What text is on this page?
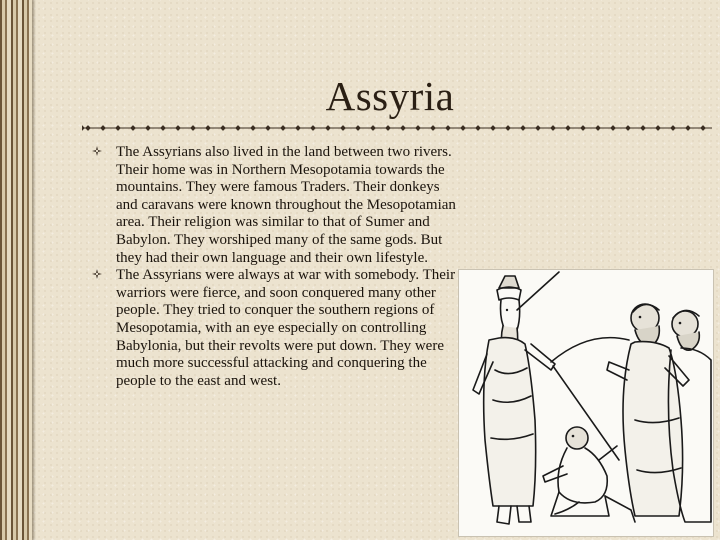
Assyria
The Assyrians also lived in the land between two rivers. Their home was in Northern Mesopotamia towards the mountains. They were famous Traders. Their donkeys and caravans were known throughout the Mesopotamian area. Their religion was similar to that of Sumer and Babylon. They worshiped many of the same gods. But they had their own language and their own lifestyle.
The Assyrians were always at war with somebody. Their warriors were fierce, and soon conquered many other people. They tried to conquer the southern regions of Mesopotamia, with an eye especially on controlling Babylonia, but their revolts were put down. They were much more successful attacking and conquering the people to the east and west.
